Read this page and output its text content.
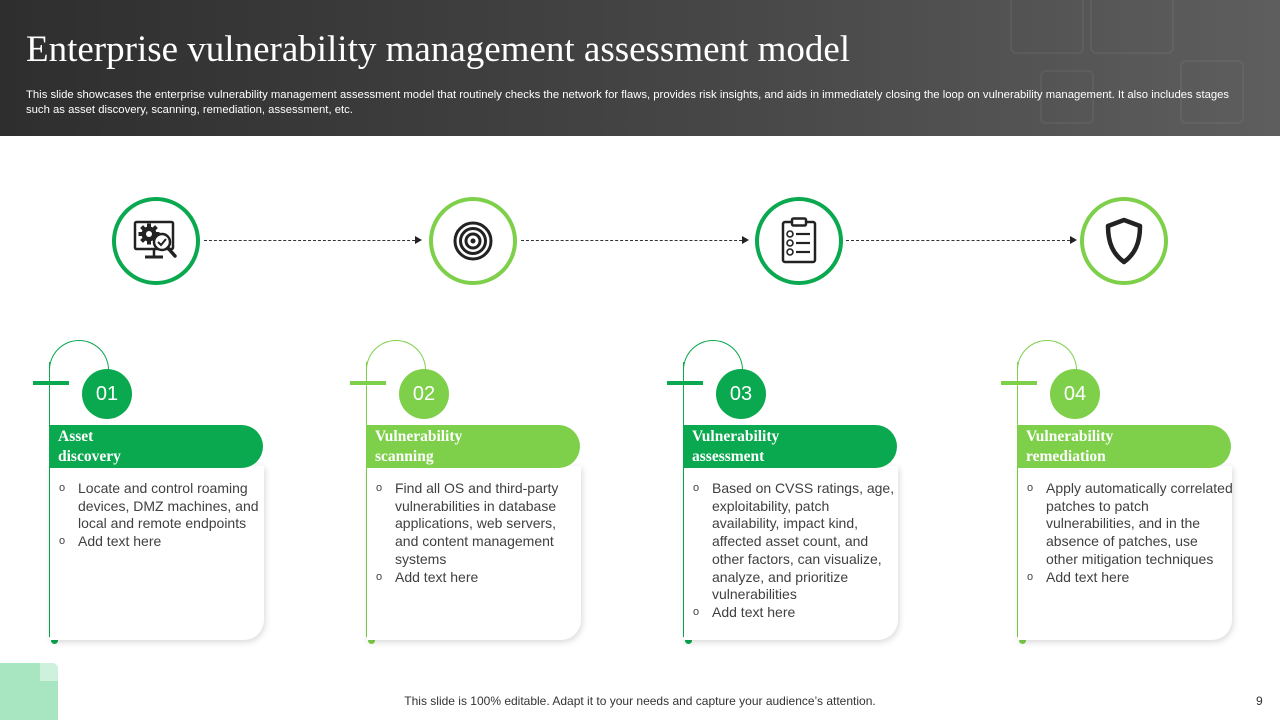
Enterprise vulnerability management assessment model
This slide showcases the enterprise vulnerability management assessment model that routinely checks the network for flaws, provides risk insights, and aids in immediately closing the loop on vulnerability management. It also includes stages such as asset discovery, scanning, remediation, assessment, etc.
01
Asset
discovery
o Locate and control roaming devices, DMZ machines, and local and remote endpoints
o Add text here
02
Vulnerability
scanning
o Find all OS and third-party vulnerabilities in database applications, web servers, and content management systems
o Add text here
03
Vulnerability
assessment
o Based on CVSS ratings, age, exploitability, patch availability, impact kind, affected asset count, and other factors, can visualize, analyze, and prioritize vulnerabilities
o Add text here
04
Vulnerability
remediation
o Apply automatically correlated patches to patch vulnerabilities, and in the absence of patches, use other mitigation techniques
o Add text here
This slide is 100% editable. Adapt it to your needs and capture your audience’s attention.	9
